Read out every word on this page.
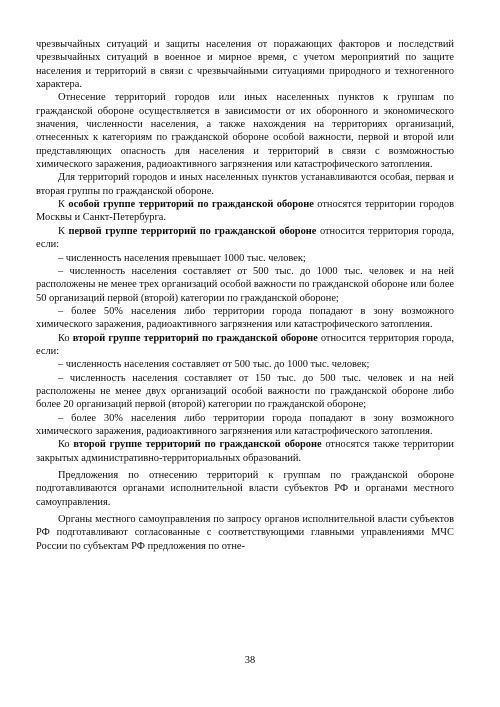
чрезвычайных ситуаций и защиты населения от поражающих факторов и последствий чрезвычайных ситуаций в военное и мирное время, с учетом мероприятий по защите населения и территорий в связи с чрезвычайными ситуациями природного и техногенного характера.

Отнесение территорий городов или иных населенных пунктов к группам по гражданской обороне осуществляется в зависимости от их оборонного и экономического значения, численности населения, а также нахождения на территориях организаций, отнесенных к категориям по гражданской обороне особой важности, первой и второй или представляющих опасность для населения и территорий в связи с возможностью химического заражения, радиоактивного загрязнения или катастрофического затопления.

Для территорий городов и иных населенных пунктов устанавливаются особая, первая и вторая группы по гражданской обороне.

К особой группе территорий по гражданской обороне относятся территории городов Москвы и Санкт-Петербурга.

К первой группе территорий по гражданской обороне относится территория города, если:

– численность населения превышает 1000 тыс. человек;

– численность населения составляет от 500 тыс. до 1000 тыс. человек и на ней расположены не менее трех организаций особой важности по гражданской обороне или более 50 организаций первой (второй) категории по гражданской обороне;

– более 50% населения либо территории города попадают в зону возможного химического заражения, радиоактивного загрязнения или катастрофического затопления.

Ко второй группе территорий по гражданской обороне относится территория города, если:

– численность населения составляет от 500 тыс. до 1000 тыс. человек;

– численность населения составляет от 150 тыс. до 500 тыс. человек и на ней расположены не менее двух организаций особой важности по гражданской обороне либо более 20 организаций первой (второй) категории по гражданской обороне;

– более 30% населения либо территории города попадают в зону возможного химического заражения, радиоактивного загрязнения или катастрофического затопления.

Ко второй группе территорий по гражданской обороне относятся также территории закрытых административно-территориальных образований.

Предложения по отнесению территорий к группам по гражданской обороне подготавливаются органами исполнительной власти субъектов РФ и органами местного самоуправления.

Органы местного самоуправления по запросу органов исполнительной власти субъектов РФ подготавливают согласованные с соответствующими главными управлениями МЧС России по субъектам РФ предложения по отне-

38
